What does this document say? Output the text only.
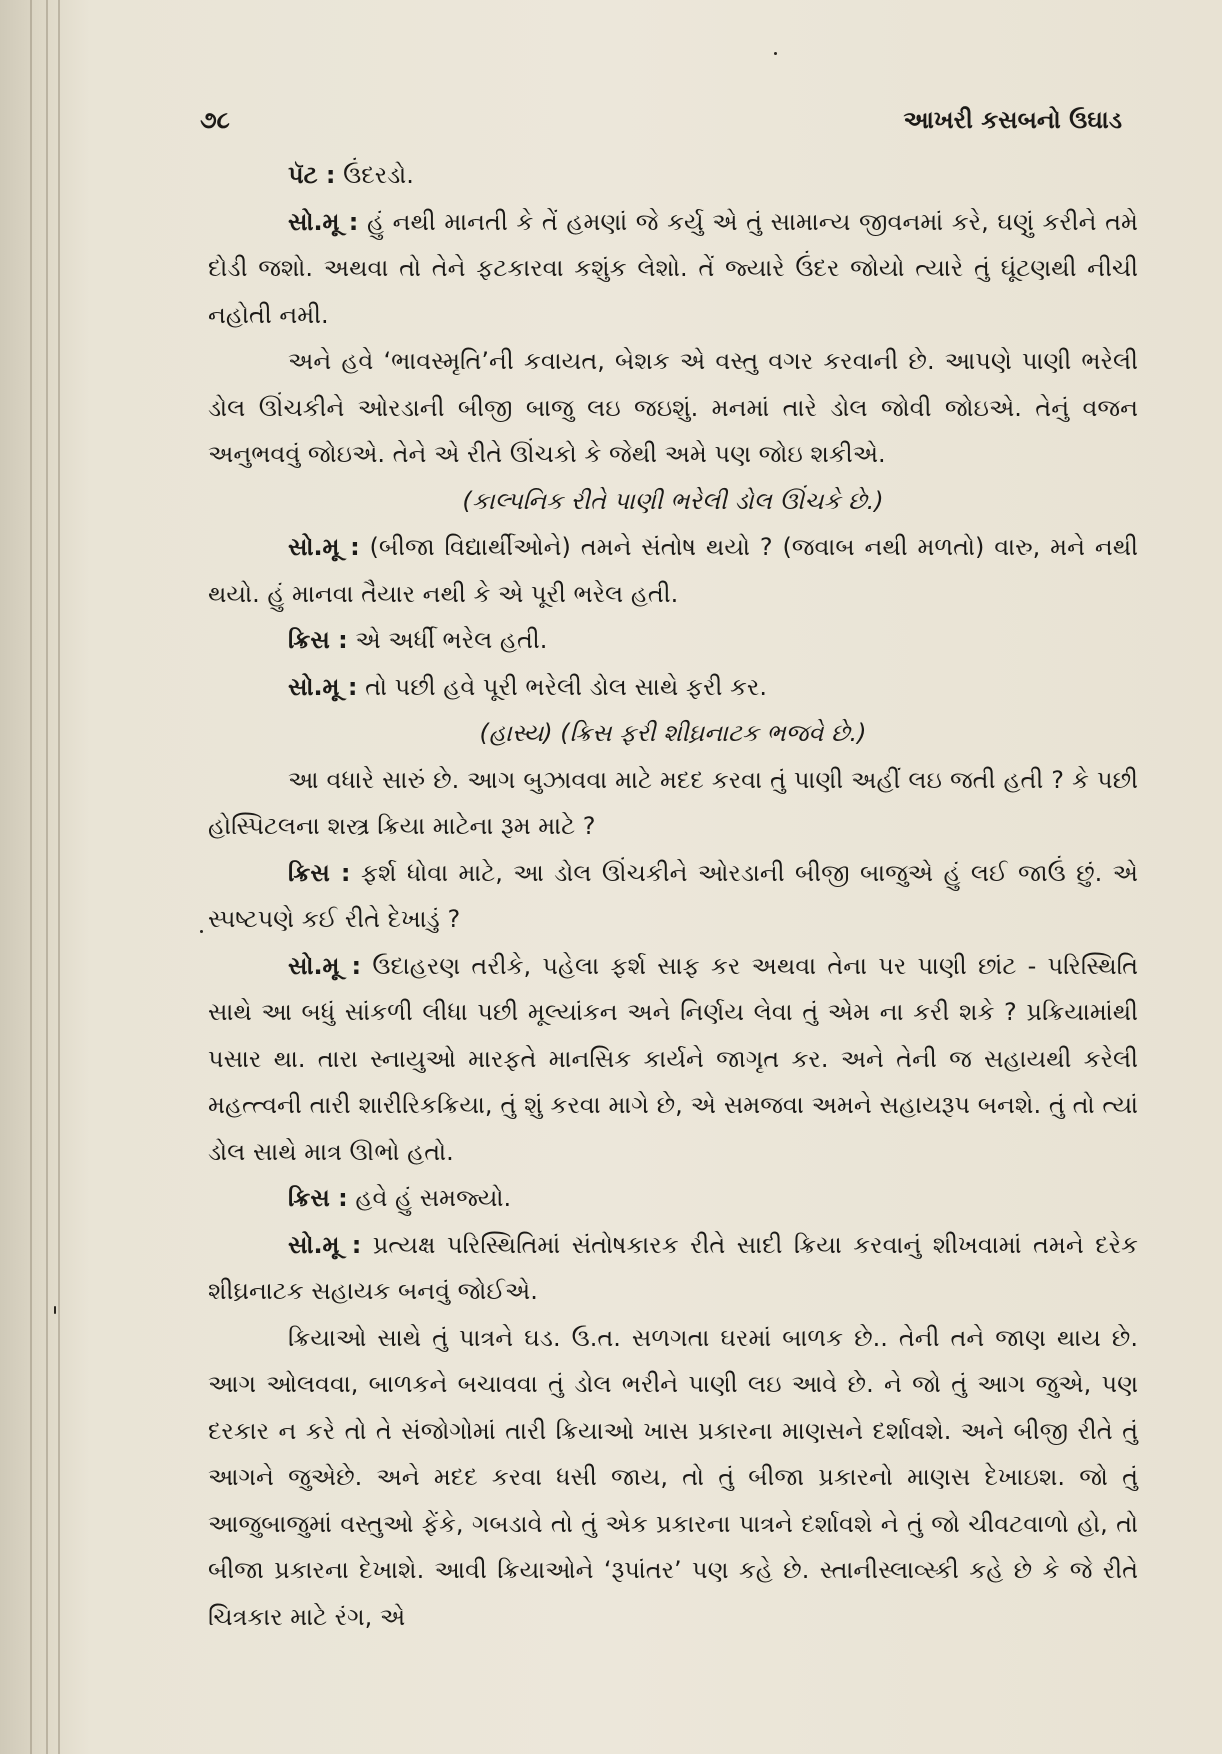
૭૮	આખરી કસબનો ઉઘાડ

પૅટ : ઉંદરડો.

સો.મૂ : હું નથી માનતી કે તેં હમણાં જે કર્યુ એ તું સામાન્ય જીવનમાં કરે, ઘણું કરીને તમે દોડી જશો. અથવા તો તેને ફટકારવા કશુંક લેશો. તેં જ્યારે ઉંદર જોયો ત્યારે તું ઘૂંટણથી નીચી નહોતી નમી.

અને હવે ‘ભાવસ્મૃતિ’ની કવાયત, બેશક એ વસ્તુ વગર કરવાની છે. આપણે પાણી ભરેલી ડોલ ઊંચકીને ઓરડાની બીજી બાજુ લઇ જઇશું. મનમાં તારે ડોલ જોવી જોઇએ. તેનું વજન અનુભવવું જોઇએ. તેને એ રીતે ઊંચકો કે જેથી અમે પણ જોઇ શકીએ.

(કાલ્પનિક રીતે પાણી ભરેલી ડોલ ઊંચકે છે.)

સો.મૂ : (બીજા વિદ્યાર્થીઓને) તમને સંતોષ થયો ? (જવાબ નથી મળતો) વારુ, મને નથી થયો. હું માનવા તૈયાર નથી કે એ પૂરી ભરેલ હતી.

ક્રિસ : એ અર્ધી ભરેલ હતી.

સો.મૂ : તો પછી હવે પૂરી ભરેલી ડોલ સાથે ફરી કર.

(હાસ્ય) (ક્રિસ ફરી શીઘ્રનાટક ભજવે છે.)

આ વધારે સારું છે. આગ બુઝાવવા માટે મદદ કરવા તું પાણી અહીં લઇ જતી હતી ? કે પછી હોસ્પિટલના શસ્ત્ર ક્રિયા માટેના રૂમ માટે ?

ક્રિસ : ફર્શ ધોવા માટે, આ ડોલ ઊંચકીને ઓરડાની બીજી બાજુએ હું લઈ જાઉં છું. એ સ્પષ્ટપણે કઈ રીતે દેખાડું ?

સો.મૂ : ઉદાહરણ તરીકે, પહેલા ફર્શ સાફ કર અથવા તેના પર પાણી છાંટ - પરિસ્થિતિ સાથે આ બધું સાંકળી લીધા પછી મૂલ્યાંકન અને નિર્ણય લેવા તું એમ ના કરી શકે ? પ્રક્રિયામાંથી પસાર થા. તારા સ્નાયુઓ મારફતે માનસિક કાર્યને જાગૃત કર. અને તેની જ સહાયથી કરેલી મહત્ત્વની તારી શારીરિકક્રિયા, તું શું કરવા માગે છે, એ સમજવા અમને સહાયરૂપ બનશે. તું તો ત્યાં ડોલ સાથે માત્ર ઊભો હતો.

ક્રિસ : હવે હું સમજ્યો.

સો.મૂ : પ્રત્યક્ષ પરિસ્થિતિમાં સંતોષકારક રીતે સાદી ક્રિયા કરવાનું શીખવામાં તમને દરેક શીઘ્રનાટક સહાયક બનવું જોઈએ.

ક્રિયાઓ સાથે તું પાત્રને ઘડ. ઉ.ત. સળગતા ઘરમાં બાળક છે.. તેની તને જાણ થાય છે. આગ ઓલવવા, બાળકને બચાવવા તું ડોલ ભરીને પાણી લઇ આવે છે. ને જો તું આગ જુએ, પણ દરકાર ન કરે તો તે સંજોગોમાં તારી ક્રિયાઓ ખાસ પ્રકારના માણસને દર્શાવશે. અને બીજી રીતે તું આગને જુએછે. અને મદદ કરવા ધસી જાય, તો તું બીજા પ્રકારનો માણસ દેખાઇશ. જો તું આજુબાજુમાં વસ્તુઓ ફેંકે, ગબડાવે તો તું એક પ્રકારના પાત્રને દર્શાવશે ને તું જો ચીવટવાળો હો, તો બીજા પ્રકારના દેખાશે. આવી ક્રિયાઓને ‘રૂપાંતર’ પણ કહે છે. સ્તાનીસ્લાવ્સ્કી કહે છે કે જે રીતે ચિત્રકાર માટે રંગ, એ
